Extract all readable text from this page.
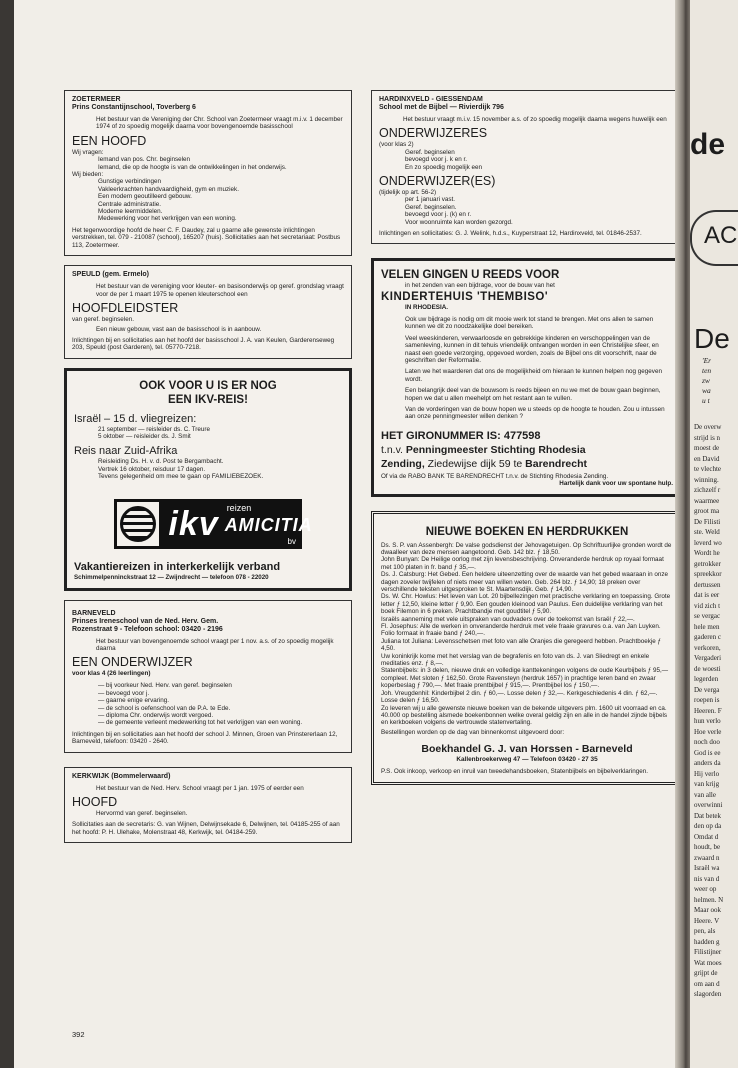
ZOETERMEER
Prins Constantijnschool, Toverberg 6
Het bestuur van de Vereniging der Chr. School van Zoetermeer vraagt m.i.v. 1 december 1974 of zo spoedig mogelijk daarna voor bovengenoemde basisschool
EEN HOOFD
Wij vragen:
Iemand van pos. Chr. beginselen
Iemand, die op de hoogte is van de ontwikkelingen in het onderwijs.
Wij bieden:
Gunstige verbindingen
Vakleerkrachten handvaardigheid, gym en muziek.
Een modern geoutilleerd gebouw.
Centrale administratie.
Moderne leermiddelen.
Medewerking voor het verkrijgen van een woning.
Het tegenwoordige hoofd de heer C. F. Daudey, zal u gaarne alle gewenste inlichtingen verstrekken, tel. 079 - 210087 (school), 165207 (huis). Sollicitaties aan het secretariaat: Postbus 113, Zoetermeer.
SPEULD (gem. Ermelo)
Het bestuur van de vereniging voor kleuter- en basisonderwijs op geref. grondslag vraagt voor de per 1 maart 1975 te openen kleuterschool een
HOOFDLEIDSTER
van geref. beginselen.
Een nieuw gebouw, vast aan de basisschool is in aanbouw.
Inlichtingen bij en sollicitaties aan het hoofd der basisschool J. A. van Keulen, Garderenseweg 203, Speuld (post Garderen), tel. 05770-7218.
OOK VOOR U IS ER NOG
EEN IKV-REIS!
Israël – 15 d. vliegreizen:
21 september — reisleider ds. C. Treure
5 oktober — reisleider ds. J. Smit
Reis naar Zuid-Afrika
Reisleiding Ds. H. v. d. Post te Bergambacht.
Vertrek 16 oktober, reisduur 17 dagen.
Tevens gelegenheid om mee te gaan op FAMILIEBEZOEK.
ikv reizen
AMICITIA
bv
Vakantiereizen in interkerkelijk verband
Schimmelpenninckstraat 12 — Zwijndrecht — telefoon 078 - 22020
BARNEVELD
Prinses Ireneschool van de Ned. Herv. Gem.
Rozenstraat 9 - Telefoon school: 03420 - 2196
Het bestuur van bovengenoemde school vraagt per 1 nov. a.s. of zo spoedig mogelijk daarna
EEN ONDERWIJZER
voor klas 4 (26 leerlingen)
— bij voorkeur Ned. Herv. van geref. beginselen
— bevoegd voor j.
— gaarne enige ervaring.
— de school is oefenschool van de P.A. te Ede.
— diploma Chr. onderwijs wordt vergoed.
— de gemeente verleent medewerking tot het verkrijgen van een woning.
Inlichtingen bij en sollicitaties aan het hoofd der school J. Minnen, Groen van Prinstererlaan 12, Barneveld, telefoon: 03420 - 2640.
KERKWIJK (Bommelerwaard)
Het bestuur van de Ned. Herv. School vraagt per 1 jan. 1975 of eerder een
HOOFD
Hervormd van geref. beginselen.
Sollicitaties aan de secretaris: G. van Wijnen, Delwijnsekade 6, Delwijnen, tel. 04185-255 of aan het hoofd: P. H. Ulehake, Molenstraat 48, Kerkwijk, tel. 04184-259.
HARDINXVELD - GIESSENDAM
School met de Bijbel — Rivierdijk 796
Het bestuur vraagt m.i.v. 15 november a.s. of zo spoedig mogelijk daarna wegens huwelijk een
ONDERWIJZERES
(voor klas 2)
Geref. beginselen
bevoegd voor j. k en r.
En zo spoedig mogelijk een
ONDERWIJZER(ES)
(tijdelijk op art. 56-2)
per 1 januari vast.
Geref. beginselen.
bevoegd voor j. (k) en r.
Voor woonruimte kan worden gezorgd.
Inlichtingen en sollicitaties: G. J. Welink, h.d.s., Kuyperstraat 12, Hardinxveld, tel. 01846-2537.
VELEN GINGEN U REEDS VOOR
in het zenden van een bijdrage, voor de bouw van het
KINDERTEHUIS 'THEMBISO'
IN RHODESIA.
Ook uw bijdrage is nodig om dit mooie werk tot stand te brengen. Met ons allen te samen kunnen we dit zo noodzakelijke doel bereiken.
Veel weeskinderen, verwaarloosde en gebrekkige kinderen en verschoppelingen van de samenleving, kunnen in dit tehuis vriendelijk ontvangen worden in een Christelijke sfeer, en naast een goede verzorging, opgevoed worden, zoals de Bijbel ons dit voorschrift, naar de geschriften der Reformatie.
Laten we het waarderen dat ons de mogelijkheid om hieraan te kunnen helpen nog gegeven wordt.
Een belangrijk deel van de bouwsom is reeds bijeen en nu we met de bouw gaan beginnen, hopen we dat u allen meehelpt om het restant aan te vullen.
Van de vorderingen van de bouw hopen we u steeds op de hoogte te houden. Zou u intussen aan onze penningmeester willen denken ?
HET GIRONUMMER IS: 477598
t.n.v. Penningmeester Stichting Rhodesia
Zending, Ziedewijse dijk 59 te Barendrecht
Of via de RABO BANK TE BARENDRECHT t.n.v. de Stichting Rhodesia Zending.
Hartelijk dank voor uw spontane hulp.
NIEUWE BOEKEN EN HERDRUKKEN
Ds. S. P. van Assenbergh: De valse godsdienst der Jehovagetuigen. Op Schriftuurlijke gronden wordt de dwaalleer van deze mensen aangetoond. Geb. 142 blz. ƒ 18,50.
John Bunyan: De Heilige oorlog met zijn levensbeschrijving. Onveranderde herdruk op royaal formaat met 100 platen in fr. band ƒ 35,—.
Ds. J. Catsburg: Het Gebed. Een heldere uiteenzetting over de waarde van het gebed waaraan in onze dagen zoveler twijfelen of niets meer van willen weten. Geb. 264 blz. ƒ 14,90; 18 preken over verschillende teksten uitgesproken te St. Maartensdijk. Geb. ƒ 14,90.
Ds. W. Chr. Howlus: Het leven van Lot. 20 bijbellezingen met practische verklaring en toepassing. Grote letter ƒ 12,50, kleine letter ƒ 9,90. Een gouden kleinood van Paulus. Een duidelijke verklaring van het boek Filemon in 6 preken. Prachtbandje met goudtitel ƒ 5,90.
Israëls aanneming met vele uitspraken van oudvaders over de toekomst van Israël ƒ 22,—.
Fl. Josephus: Alle de werken in onveranderde herdruk met vele fraaie gravures o.a. van Jan Luyken. Folio formaat in fraaie band ƒ 240,—.
Juliana tot Juliana: Levensschetsen met foto van alle Oranjes die geregeerd hebben. Prachtboekje ƒ 4,50.
Uw koninkrijk kome met het verslag van de begrafenis en foto van ds. J. van Sliedregt en enkele meditaties enz. ƒ 8,—.
Statenbijbels: in 3 delen, nieuwe druk en volledige kanttekeningen volgens de oude Keurbijbels ƒ 95,— compleet. Met sloten ƒ 162,50. Grote Ravensteyn (herdruk 1657) in prachtige leren band en zwaar koperbeslag ƒ 790,—. Met fraaie prentbijbel ƒ 915,—. Prentbijbel los ƒ 150,—.
Joh. Vreugdenhil: Kinderbijbel 2 din. ƒ 60,—. Losse delen ƒ 32,—. Kerkgeschiedenis 4 din. ƒ 62,—. Losse delen ƒ 16,50.
Zo leveren wij u alle gewenste nieuwe boeken van de bekende uitgevers plm. 1600 uit voorraad en ca. 40.000 op bestelling alsmede boekenbonnen welke overal geldig zijn en alle in de handel zijnde bijbels en kerkboeken volgens de vertrouwde statenvertaling.
Bestellingen worden op de dag van binnenkomst uitgevoerd door:
Boekhandel G. J. van Horssen - Barneveld
Kallenbroekerweg 47 — Telefoon 03420 - 27 35
P.S. Ook inkoop, verkoop en inruil van tweedehandsboeken, Statenbijbels en bijbelverklaringen.
392
de
AC
De
'Er
ten
zw
wa
u t
De overw
strijd is n
moest de
en David
te vlechte
winning.
zichzelf r
waarmee
groot ma
De Filisti
ste. Weld
leverd wo
Wordt he
getrokker
spreekkor
dertussen
dat is eer
vid zich t
se vergac
hele men
gaderen c
verkoren,
Vergaderi
de woesti
legerden
De verga
roepen is
Heeren. F
hun verlo
Hoe verle
noch doo
God is ee
anders da
Hij verlo
van krijg
van alle
overwinni
Dat betek
den op da
Omdat d
houdt, be
zwaard n
Israël wa
nis van d
weer op
helmen. N
Maar ook
Heere. V
pen, als
hadden g
Filistijner
Wat moes
grijpt de
om aan d
slagorden
